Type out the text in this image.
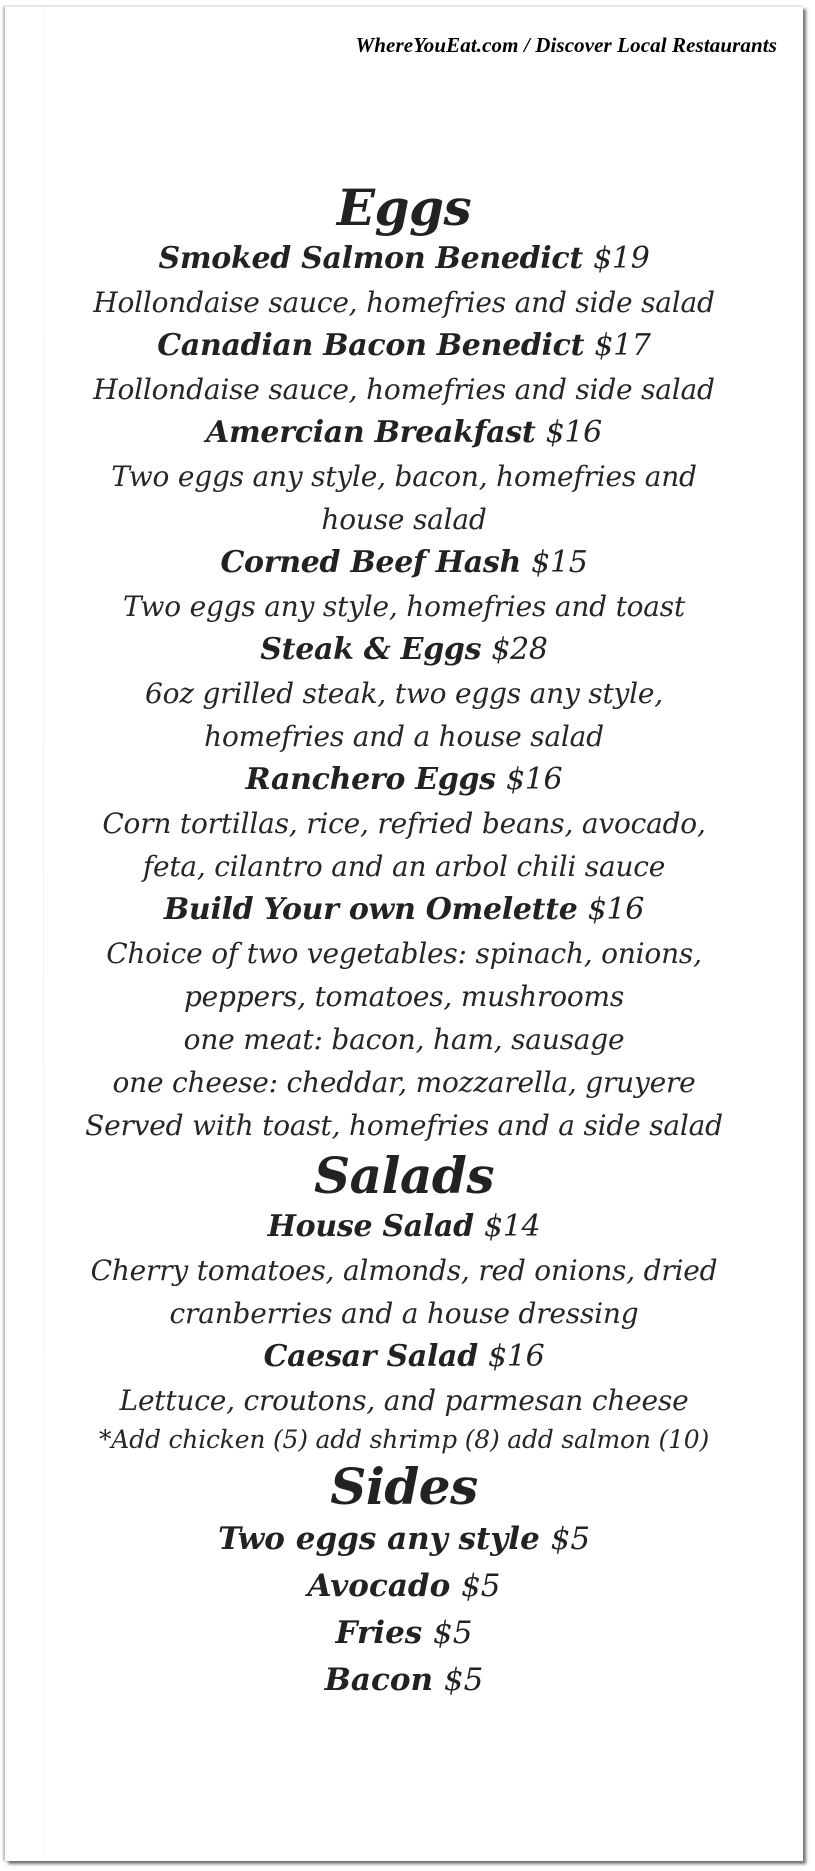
WhereYouEat.com / Discover Local Restaurants
Eggs

Smoked Salmon Benedict $19

Hollondaise sauce, homefries and side salad

Canadian Bacon Benedict $17

Hollondaise sauce, homefries and side salad

Amercian Breakfast $16

Two eggs any style, bacon, homefries and

house salad

Corned Beef Hash $15

Two eggs any style, homefries and toast

Steak & Eggs $28

6oz grilled steak, two eggs any style,

homefries and a house salad

Ranchero Eggs $16

Corn tortillas, rice, refried beans, avocado,

feta, cilantro and an arbol chili sauce

Build Your own Omelette $16

Choice of two vegetables: spinach, onions,

peppers, tomatoes, mushrooms

one meat: bacon, ham, sausage

one cheese: cheddar, mozzarella, gruyere

Served with toast, homefries and a side salad

Salads

House Salad $14

Cherry tomatoes, almonds, red onions, dried

cranberries and a house dressing

Caesar Salad $16

Lettuce, croutons, and parmesan cheese

*Add chicken (5) add shrimp (8) add salmon (10)

Sides

Two eggs any style $5

Avocado $5

Fries $5

Bacon $5
